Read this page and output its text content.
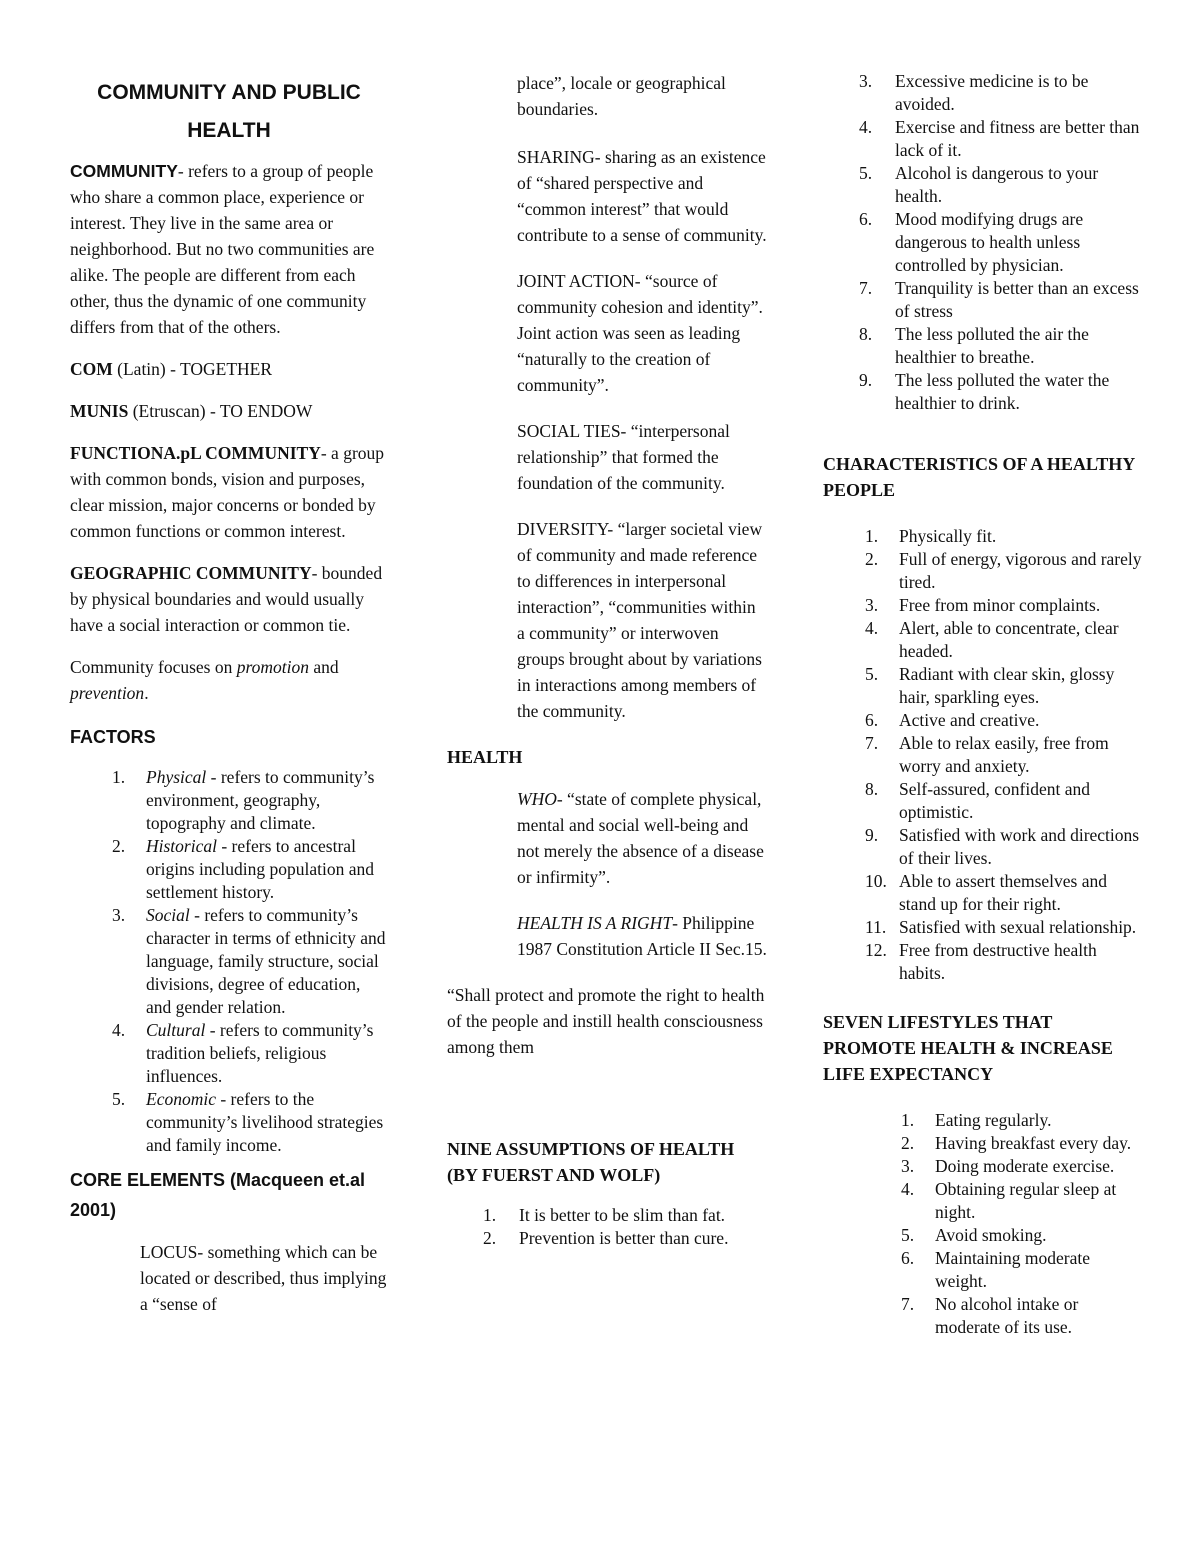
COMMUNITY AND PUBLIC
HEALTH

COMMUNITY- refers to a group of people who share a common place, experience or interest. They live in the same area or neighborhood. But no two communities are alike. The people are different from each other, thus the dynamic of one community differs from that of the others.

COM (Latin) - TOGETHER

MUNIS (Etruscan) - TO ENDOW

FUNCTIONA.pL COMMUNITY- a group with common bonds, vision and purposes, clear mission, major concerns or bonded by common functions or common interest.

GEOGRAPHIC COMMUNITY- bounded by physical boundaries and would usually have a social interaction or common tie.

Community focuses on promotion and prevention.

FACTORS
1.	Physical - refers to community’s environment, geography, topography and climate.
2.	Historical - refers to ancestral origins including population and settlement history.
3.	Social - refers to community’s character in terms of ethnicity and language, family structure, social divisions, degree of education, and gender relation.
4.	Cultural - refers to community’s tradition beliefs, religious influences.
5.	Economic - refers to the community’s livelihood strategies and family income.
CORE ELEMENTS (Macqueen et.al 2001)
LOCUS- something which can be located or described, thus implying a “sense of
place”, locale or geographical boundaries.
SHARING- sharing as an existence of “shared perspective and “common interest” that would contribute to a sense of community.
JOINT ACTION- “source of community cohesion and identity”. Joint action was seen as leading “naturally to the creation of community”.
SOCIAL TIES- “interpersonal relationship” that formed the foundation of the community.
DIVERSITY- “larger societal view of community and made reference to differences in interpersonal interaction”, “communities within a community” or interwoven groups brought about by variations in interactions among members of the community.
HEALTH
WHO- “state of complete physical, mental and social well-being and not merely the absence of a disease or infirmity”.
HEALTH IS A RIGHT- Philippine 1987 Constitution Article II Sec.15.

“Shall protect and promote the right to health of the people and instill health consciousness among them

NINE ASSUMPTIONS OF HEALTH (BY FUERST AND WOLF)
1.	It is better to be slim than fat.
2.	Prevention is better than cure.
3.	Excessive medicine is to be avoided.
4.	Exercise and fitness are better than lack of it.
5.	Alcohol is dangerous to your health.
6.	Mood modifying drugs are dangerous to health unless controlled by physician.
7.	Tranquility is better than an excess of stress
8.	The less polluted the air the healthier to breathe.
9.	The less polluted the water the healthier to drink.
CHARACTERISTICS OF A HEALTHY PEOPLE
1.	Physically fit.
2.	Full of energy, vigorous and rarely tired.
3.	Free from minor complaints.
4.	Alert, able to concentrate, clear headed.
5.	Radiant with clear skin, glossy hair, sparkling eyes.
6.	Active and creative.
7.	Able to relax easily, free from worry and anxiety.
8.	Self-assured, confident and optimistic.
9.	Satisfied with work and directions of their lives.
10. Able to assert themselves and stand up for their right.
11. Satisfied with sexual relationship.
12. Free from destructive health habits.
SEVEN LIFESTYLES THAT PROMOTE HEALTH & INCREASE LIFE EXPECTANCY
1.	Eating regularly.
2.	Having breakfast every day.
3.	Doing moderate exercise.
4.	Obtaining regular sleep at night.
5.	Avoid smoking.
6.	Maintaining moderate weight.
7.	No alcohol intake or moderate of its use.
